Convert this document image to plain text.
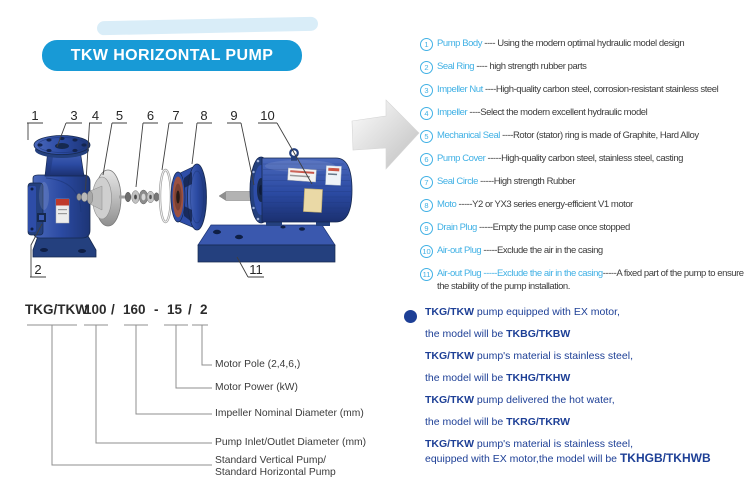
TKW HORIZONTAL PUMP
1 3 4 5 6 7 8 9 10
2	11
1 Pump Body ---- Using the modern optimal hydraulic model design
2 Seal Ring ---- high strength rubber parts
3 Impeller Nut ----High-quality carbon steel, corrosion-resistant stainless steel
4 Impeller ----Select the modern excellent hydraulic model
5 Mechanical Seal ----Rotor (stator) ring is made of Graphite, Hard Alloy
6 Pump Cover -----High-quality carbon steel, stainless steel, casting
7 Seal Circle -----High strength Rubber
8 Moto -----Y2 or YX3 series energy-efficient V1 motor
9 Drain Plug -----Empty the pump case once stopped
10 Air-out Plug -----Exclude the air in the casing
11 Air-out Plug -----Exclude the air in the casing-----A fixed part of the pump to ensure the stability of the pump installation.
TKG/TKW
100 / 160 - 15 / 2
Motor Pole (2,4,6,)
Motor Power (kW)
Impeller Nominal Diameter (mm)
Pump Inlet/Outlet Diameter (mm)
Standard Vertical Pump/
Standard Horizontal Pump
TKG/TKW pump equipped with EX motor,
the model will be TKBG/TKBW
TKG/TKW pump's material is stainless steel,
the model will be TKHG/TKHW
TKG/TKW pump delivered the hot water,
the model will be TKRG/TKRW
TKG/TKW pump's material is stainless steel,
equipped with EX motor,the model will be TKHGB/TKHWB
